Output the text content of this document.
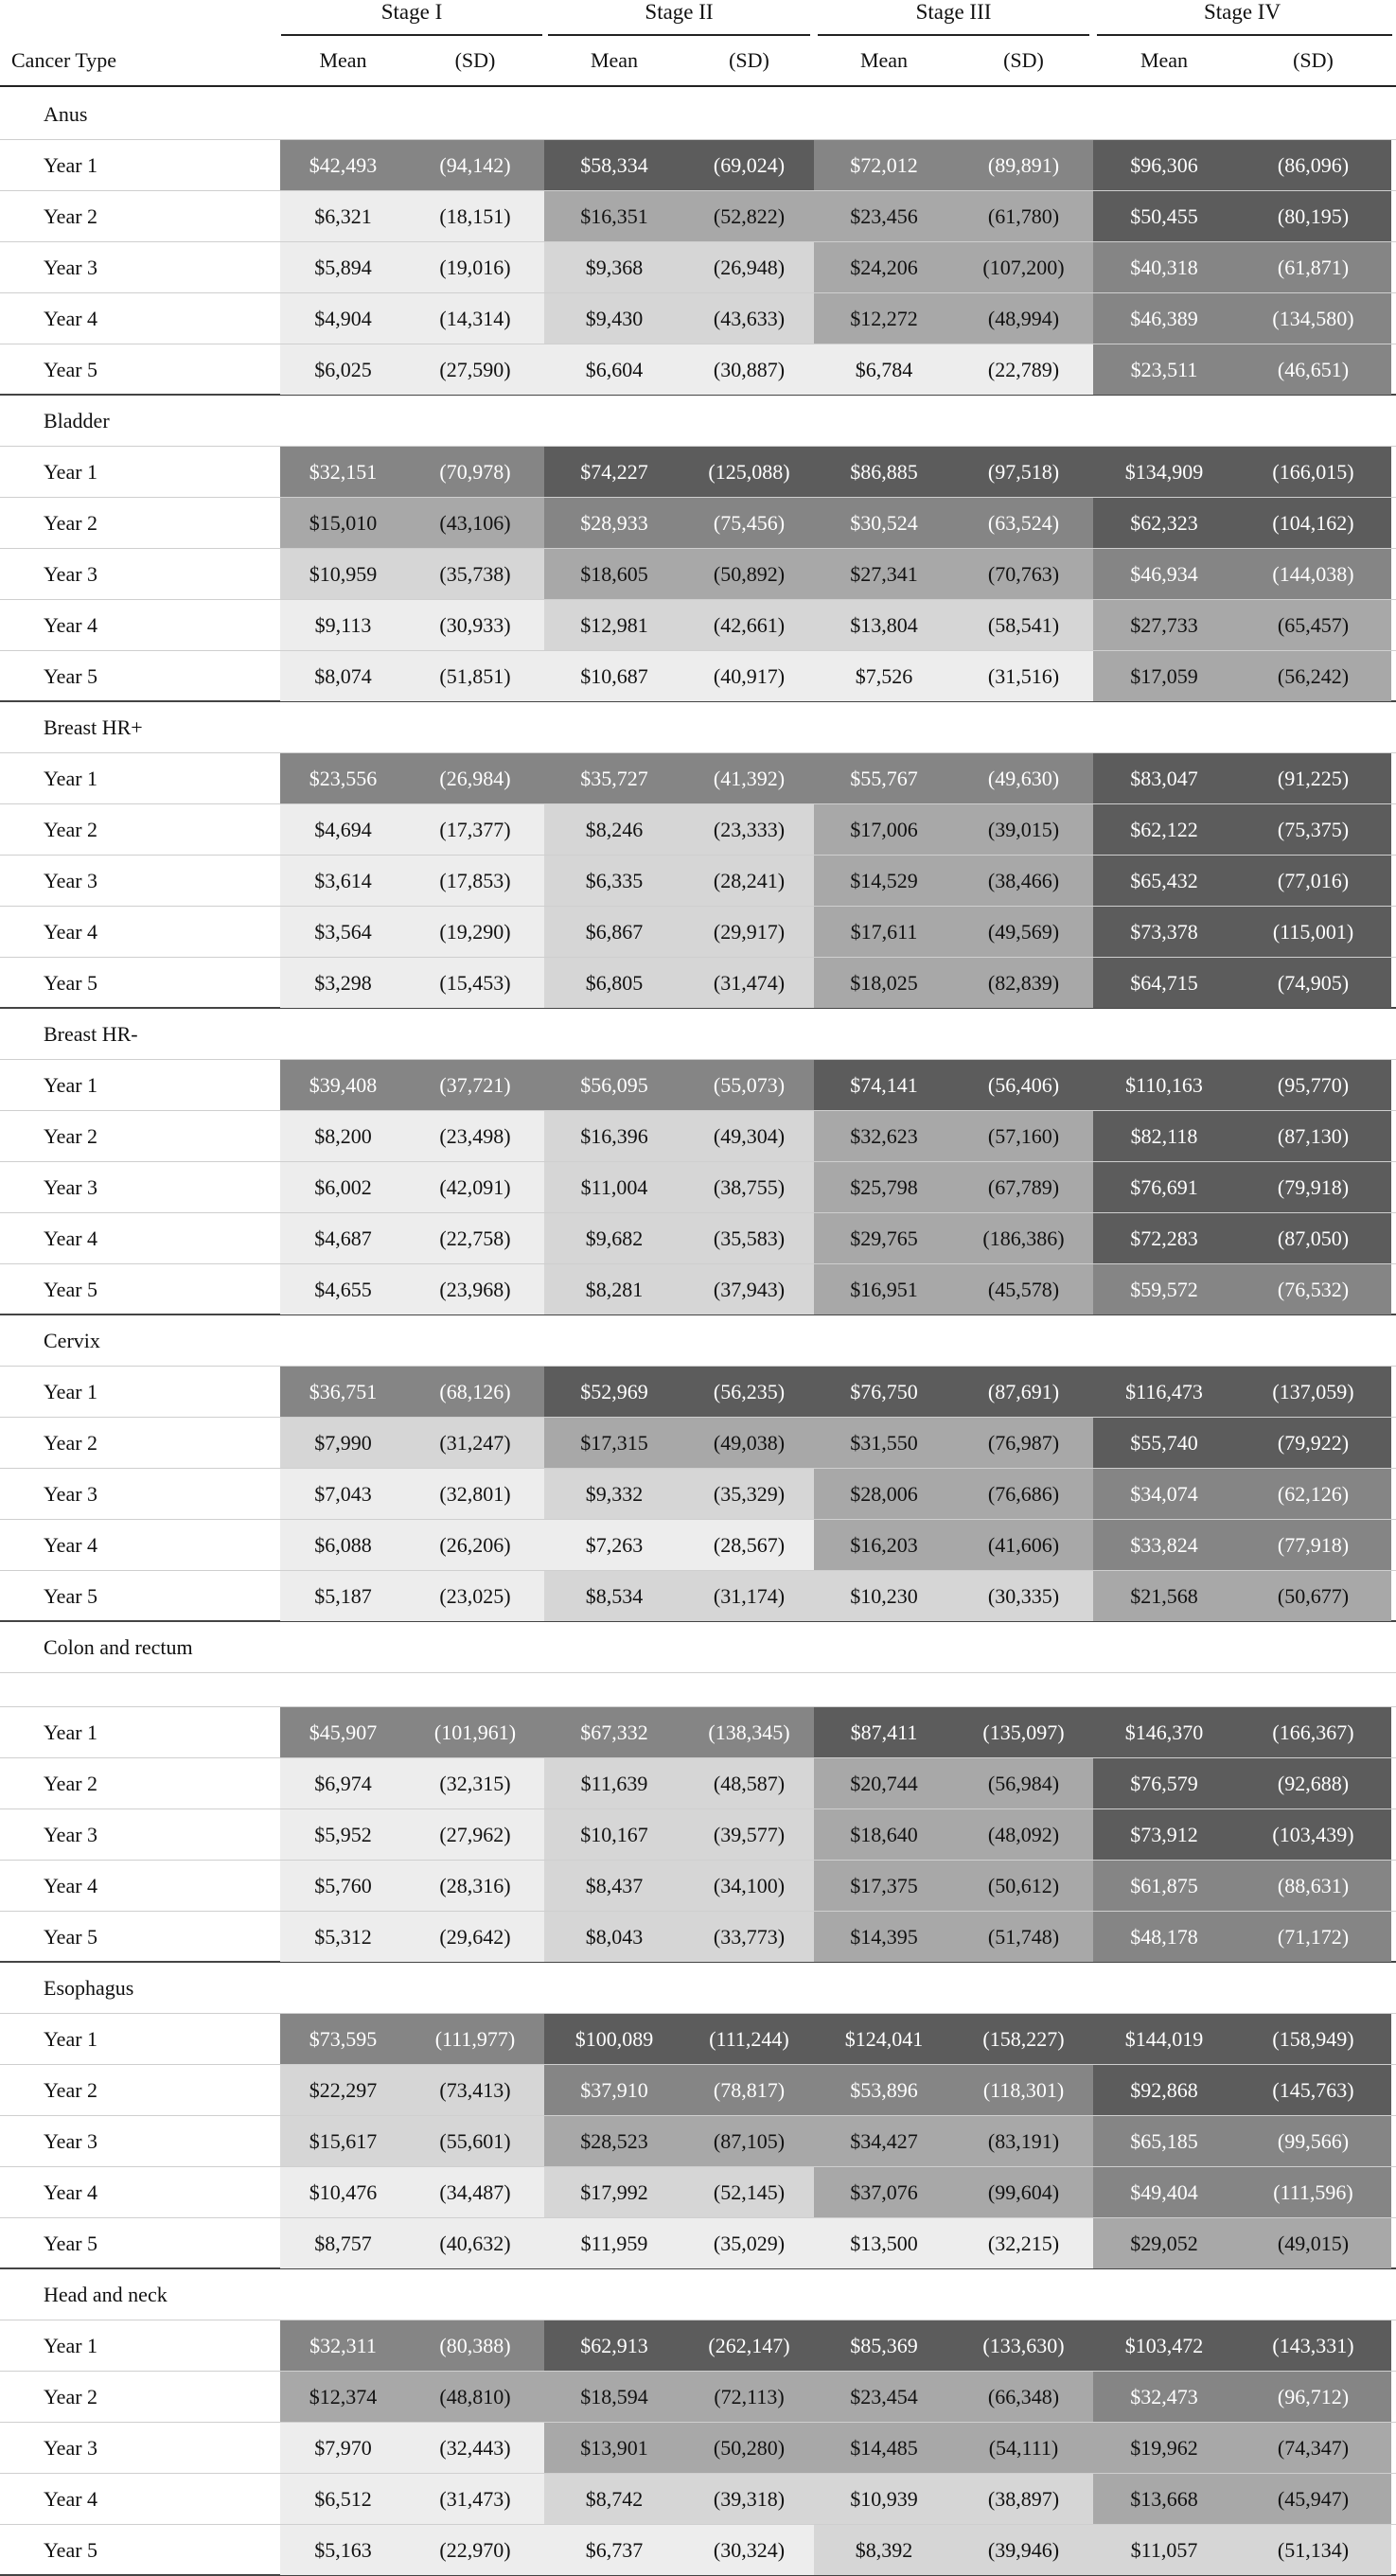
Stage I	Stage II	Stage III	Stage IV
Cancer Type	Mean	(SD)	Mean	(SD)	Mean	(SD)	Mean	(SD)
Anus
Year 1	$42,493	(94,142)	$58,334	(69,024)	$72,012	(89,891)	$96,306	(86,096)
Year 2	$6,321	(18,151)	$16,351	(52,822)	$23,456	(61,780)	$50,455	(80,195)
Year 3	$5,894	(19,016)	$9,368	(26,948)	$24,206	(107,200)	$40,318	(61,871)
Year 4	$4,904	(14,314)	$9,430	(43,633)	$12,272	(48,994)	$46,389	(134,580)
Year 5	$6,025	(27,590)	$6,604	(30,887)	$6,784	(22,789)	$23,511	(46,651)
Bladder
Year 1	$32,151	(70,978)	$74,227	(125,088)	$86,885	(97,518)	$134,909	(166,015)
Year 2	$15,010	(43,106)	$28,933	(75,456)	$30,524	(63,524)	$62,323	(104,162)
Year 3	$10,959	(35,738)	$18,605	(50,892)	$27,341	(70,763)	$46,934	(144,038)
Year 4	$9,113	(30,933)	$12,981	(42,661)	$13,804	(58,541)	$27,733	(65,457)
Year 5	$8,074	(51,851)	$10,687	(40,917)	$7,526	(31,516)	$17,059	(56,242)
Breast HR+
Year 1	$23,556	(26,984)	$35,727	(41,392)	$55,767	(49,630)	$83,047	(91,225)
Year 2	$4,694	(17,377)	$8,246	(23,333)	$17,006	(39,015)	$62,122	(75,375)
Year 3	$3,614	(17,853)	$6,335	(28,241)	$14,529	(38,466)	$65,432	(77,016)
Year 4	$3,564	(19,290)	$6,867	(29,917)	$17,611	(49,569)	$73,378	(115,001)
Year 5	$3,298	(15,453)	$6,805	(31,474)	$18,025	(82,839)	$64,715	(74,905)
Breast HR-
Year 1	$39,408	(37,721)	$56,095	(55,073)	$74,141	(56,406)	$110,163	(95,770)
Year 2	$8,200	(23,498)	$16,396	(49,304)	$32,623	(57,160)	$82,118	(87,130)
Year 3	$6,002	(42,091)	$11,004	(38,755)	$25,798	(67,789)	$76,691	(79,918)
Year 4	$4,687	(22,758)	$9,682	(35,583)	$29,765	(186,386)	$72,283	(87,050)
Year 5	$4,655	(23,968)	$8,281	(37,943)	$16,951	(45,578)	$59,572	(76,532)
Cervix
Year 1	$36,751	(68,126)	$52,969	(56,235)	$76,750	(87,691)	$116,473	(137,059)
Year 2	$7,990	(31,247)	$17,315	(49,038)	$31,550	(76,987)	$55,740	(79,922)
Year 3	$7,043	(32,801)	$9,332	(35,329)	$28,006	(76,686)	$34,074	(62,126)
Year 4	$6,088	(26,206)	$7,263	(28,567)	$16,203	(41,606)	$33,824	(77,918)
Year 5	$5,187	(23,025)	$8,534	(31,174)	$10,230	(30,335)	$21,568	(50,677)
Colon and rectum
Year 1	$45,907	(101,961)	$67,332	(138,345)	$87,411	(135,097)	$146,370	(166,367)
Year 2	$6,974	(32,315)	$11,639	(48,587)	$20,744	(56,984)	$76,579	(92,688)
Year 3	$5,952	(27,962)	$10,167	(39,577)	$18,640	(48,092)	$73,912	(103,439)
Year 4	$5,760	(28,316)	$8,437	(34,100)	$17,375	(50,612)	$61,875	(88,631)
Year 5	$5,312	(29,642)	$8,043	(33,773)	$14,395	(51,748)	$48,178	(71,172)
Esophagus
Year 1	$73,595	(111,977)	$100,089	(111,244)	$124,041	(158,227)	$144,019	(158,949)
Year 2	$22,297	(73,413)	$37,910	(78,817)	$53,896	(118,301)	$92,868	(145,763)
Year 3	$15,617	(55,601)	$28,523	(87,105)	$34,427	(83,191)	$65,185	(99,566)
Year 4	$10,476	(34,487)	$17,992	(52,145)	$37,076	(99,604)	$49,404	(111,596)
Year 5	$8,757	(40,632)	$11,959	(35,029)	$13,500	(32,215)	$29,052	(49,015)
Head and neck
Year 1	$32,311	(80,388)	$62,913	(262,147)	$85,369	(133,630)	$103,472	(143,331)
Year 2	$12,374	(48,810)	$18,594	(72,113)	$23,454	(66,348)	$32,473	(96,712)
Year 3	$7,970	(32,443)	$13,901	(50,280)	$14,485	(54,111)	$19,962	(74,347)
Year 4	$6,512	(31,473)	$8,742	(39,318)	$10,939	(38,897)	$13,668	(45,947)
Year 5	$5,163	(22,970)	$6,737	(30,324)	$8,392	(39,946)	$11,057	(51,134)
